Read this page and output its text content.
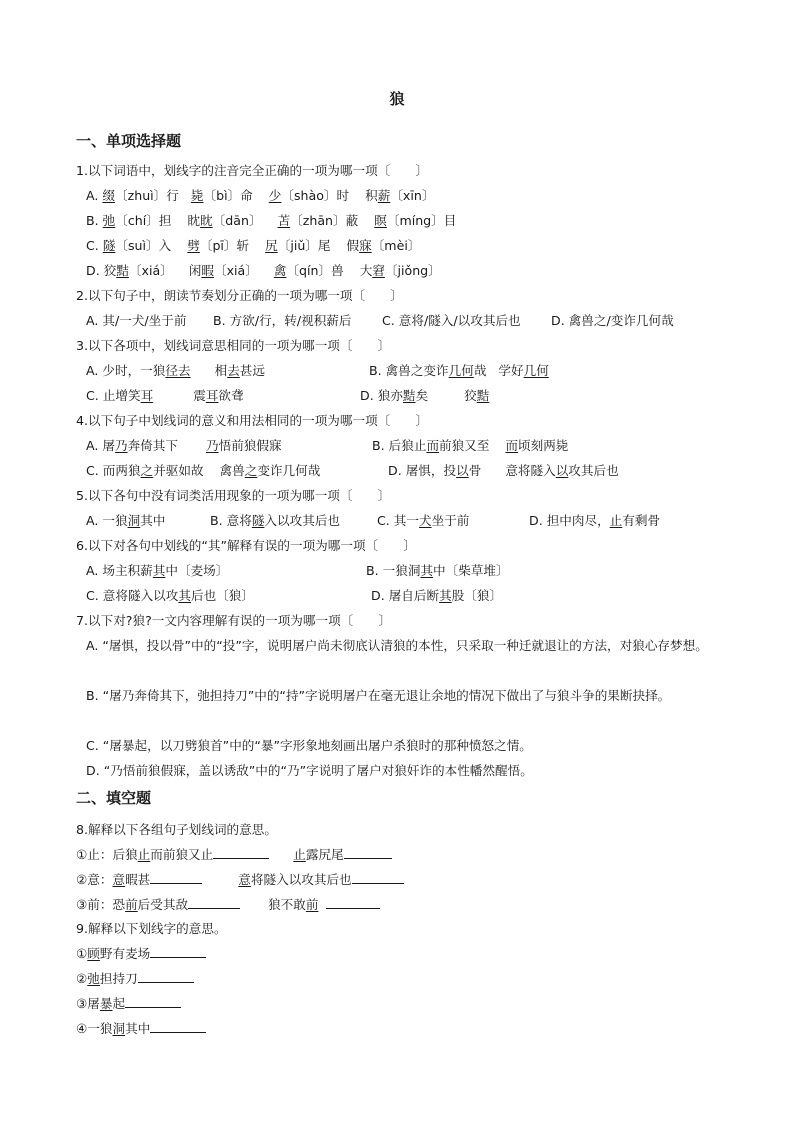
狼
一、单项选择题
1.以下词语中，划线字的注音完全正确的一项为哪一项〔　　〕
A. 缀〔zhuì〕行 毙〔bì〕命 少〔shào〕时 积薪〔xīn〕
B. 弛〔chí〕担 眈眈〔dān〕 苫〔zhān〕蔽 瞑〔míng〕目
C. 隧〔suì〕入 劈〔pī〕斩 尻〔jiǔ〕尾 假寐〔mèi〕
D. 狡黠〔xiá〕 闲暇〔xiá〕 禽〔qín〕兽 大窘〔jiǒng〕
2.以下句子中，朗读节奏划分正确的一项为哪一项〔　　〕
A. 其/一犬/坐于前 B. 方欲/行，转/视积薪后 C. 意将/隧入/以攻其后也 D. 禽兽之/变诈几何哉
3.以下各项中，划线词意思相同的一项为哪一项〔　　〕
A. 少时，一狼径去 相去甚远	B. 禽兽之变诈几何哉 学好几何
C. 止增笑耳	震耳欲聋	D. 狼亦黠矣	狡黠
4.以下句子中划线词的意义和用法相同的一项为哪一项〔　　〕
A. 屠乃奔倚其下 乃悟前狼假寐	B. 后狼止而前狼又至 而顷刻两毙
C. 而两狼之并驱如故 禽兽之变诈几何哉	D. 屠惧，投以骨 意将隧入以攻其后也
5.以下各句中没有词类活用现象的一项为哪一项〔　　〕
A. 一狼洞其中	B. 意将隧入以攻其后也	C. 其一犬坐于前	D. 担中肉尽，止有剩骨
6.以下对各句中划线的“其”解释有误的一项为哪一项〔　　〕
A. 场主积薪其中〔麦场〕	B. 一狼洞其中〔柴草堆〕
C. 意将隧入以攻其后也〔狼〕	D. 屠自后断其股〔狼〕
7.以下对?狼?一文内容理解有误的一项为哪一项〔　　〕
A. “屠惧，投以骨”中的“投”字，说明屠户尚未彻底认清狼的本性，只采取一种迁就退让的方法，对狼心存梦想。
B. “屠乃奔倚其下，弛担持刀”中的“持”字说明屠户在毫无退让余地的情况下做出了与狼斗争的果断抉择。
C. “屠暴起，以刀劈狼首”中的“暴”字形象地刻画出屠户杀狼时的那种愤怒之情。
D. “乃悟前狼假寐，盖以诱敌”中的“乃”字说明了屠户对狼奸诈的本性幡然醒悟。
二、填空题
8.解释以下各组句子划线词的意思。
①止：后狼止而前狼又止	止露尻尾
②意：意暇甚	意将隧入以攻其后也
③前：恐前后受其敌	狼不敢前
9.解释以下划线字的意思。
①顾野有麦场
②弛担持刀
③屠暴起
④一狼洞其中
